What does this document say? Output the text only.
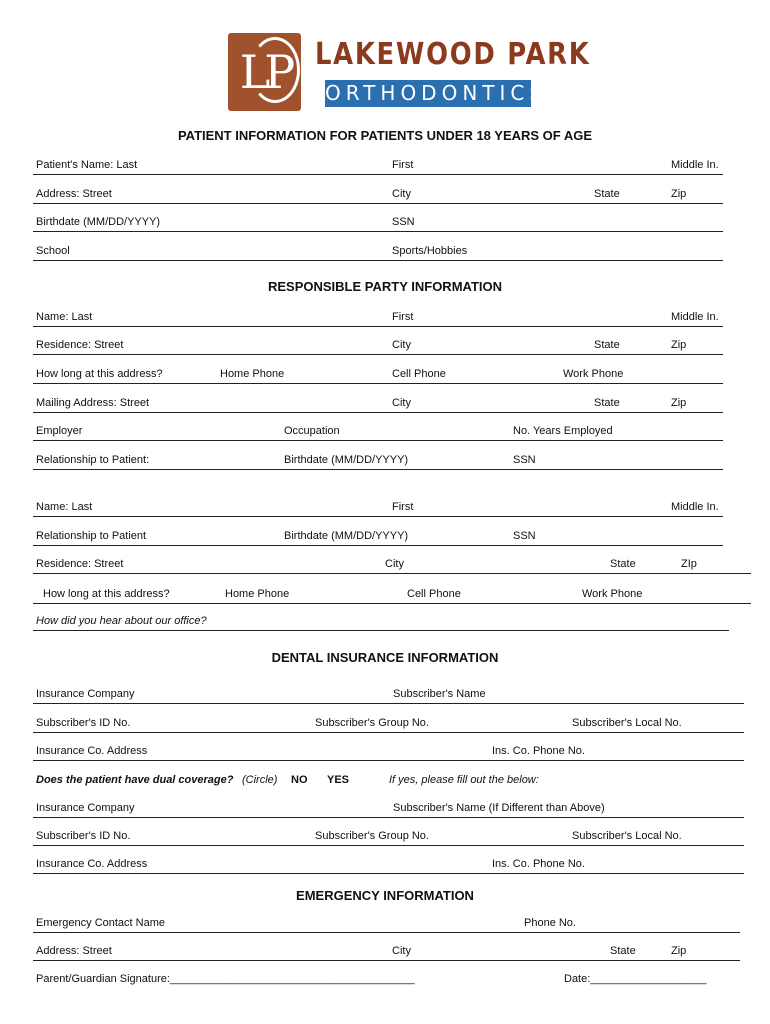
LP LAKEWOOD PARK
ORTHODONTICS
PATIENT INFORMATION FOR PATIENTS UNDER 18 YEARS OF AGE
Patient's Name: Last	First	Middle In.
Address: Street	City	State	Zip
Birthdate (MM/DD/YYYY)	SSN
School	Sports/Hobbies
RESPONSIBLE PARTY INFORMATION
Name: Last	First	Middle In.
Residence: Street	City	State	Zip
How long at this address?	Home Phone	Cell Phone	Work Phone
Mailing Address: Street	City	State	Zip
Employer	Occupation	No. Years Employed
Relationship to Patient:	Birthdate (MM/DD/YYYY)	SSN
Name: Last	First	Middle In.
Relationship to Patient	Birthdate (MM/DD/YYYY)	SSN
Residence: Street	City	State	ZIp
How long at this address?	Home Phone	Cell Phone	Work Phone
How did you hear about our office?
DENTAL INSURANCE INFORMATION
Insurance Company	Subscriber's Name
Subscriber's ID No.	Subscriber's Group No.	Subscriber's Local No.
Insurance Co. Address	Ins. Co. Phone No.
Does the patient have dual coverage? (Circle) NO YES	If yes, please fill out the below:
Insurance Company	Subscriber's Name (If Different than Above)
Subscriber's ID No.	Subscriber's Group No.	Subscriber's Local No.
Insurance Co. Address	Ins. Co. Phone No.
EMERGENCY INFORMATION
Emergency Contact Name	Phone No.
Address: Street	City	State	Zip
Parent/Guardian Signature:________________________________________	Date:___________________
